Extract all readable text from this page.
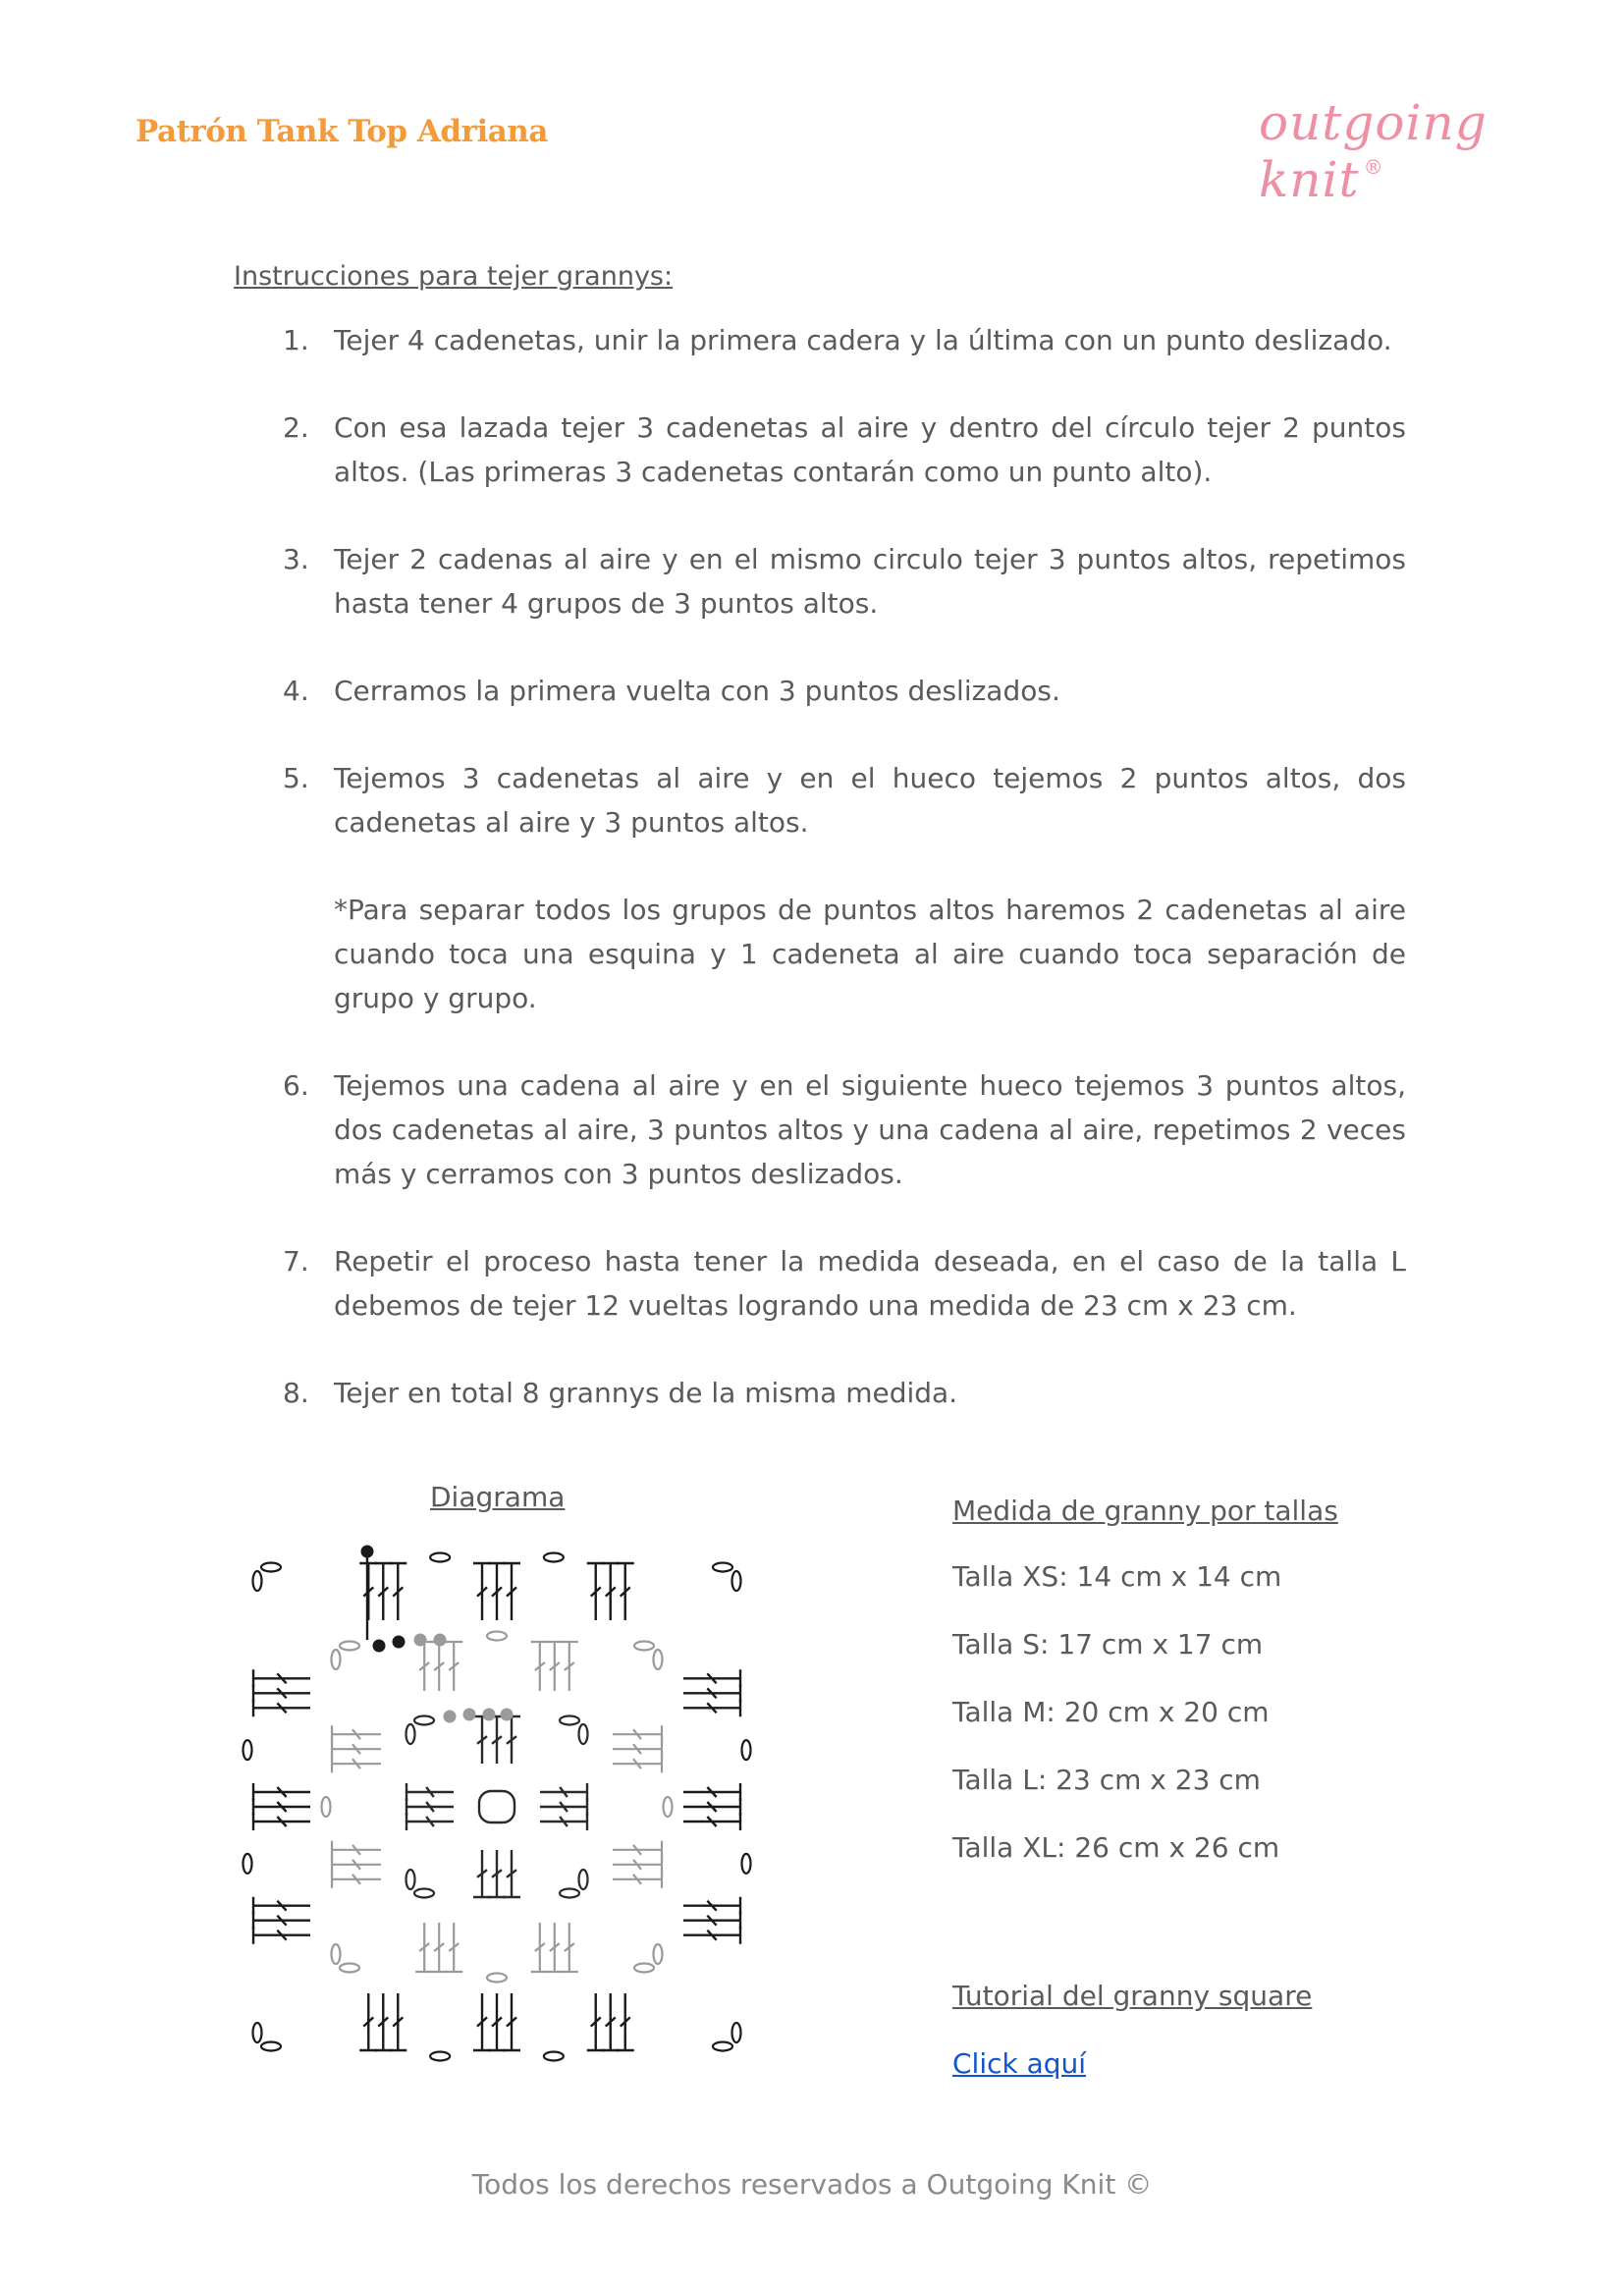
Patrón Tank Top Adriana	outgoing knit ®
Instrucciones para tejer grannys:
1. Tejer 4 cadenetas, unir la primera cadera y la última con un punto deslizado.
2. Con esa lazada tejer 3 cadenetas al aire y dentro del círculo tejer 2 puntos altos. (Las primeras 3 cadenetas contarán como un punto alto).
3. Tejer 2 cadenas al aire y en el mismo circulo tejer 3 puntos altos, repetimos hasta tener 4 grupos de 3 puntos altos.
4. Cerramos la primera vuelta con 3 puntos deslizados.
5. Tejemos 3 cadenetas al aire y en el hueco tejemos 2 puntos altos, dos cadenetas al aire y 3 puntos altos.
*Para separar todos los grupos de puntos altos haremos 2 cadenetas al aire cuando toca una esquina y 1 cadeneta al aire cuando toca separación de grupo y grupo.
6. Tejemos una cadena al aire y en el siguiente hueco tejemos 3 puntos altos, dos cadenetas al aire, 3 puntos altos y una cadena al aire, repetimos 2 veces más y cerramos con 3 puntos deslizados.
7. Repetir el proceso hasta tener la medida deseada, en el caso de la talla L debemos de tejer 12 vueltas logrando una medida de 23 cm x 23 cm.
8. Tejer en total 8 grannys de la misma medida.
Diagrama	Medida de granny por tallas
Talla XS: 14 cm x 14 cm
Talla S: 17 cm x 17 cm
Talla M: 20 cm x 20 cm
Talla L: 23 cm x 23 cm
Talla XL: 26 cm x 26 cm
Tutorial del granny square
Click aquí
Todos los derechos reservados a Outgoing Knit ©
